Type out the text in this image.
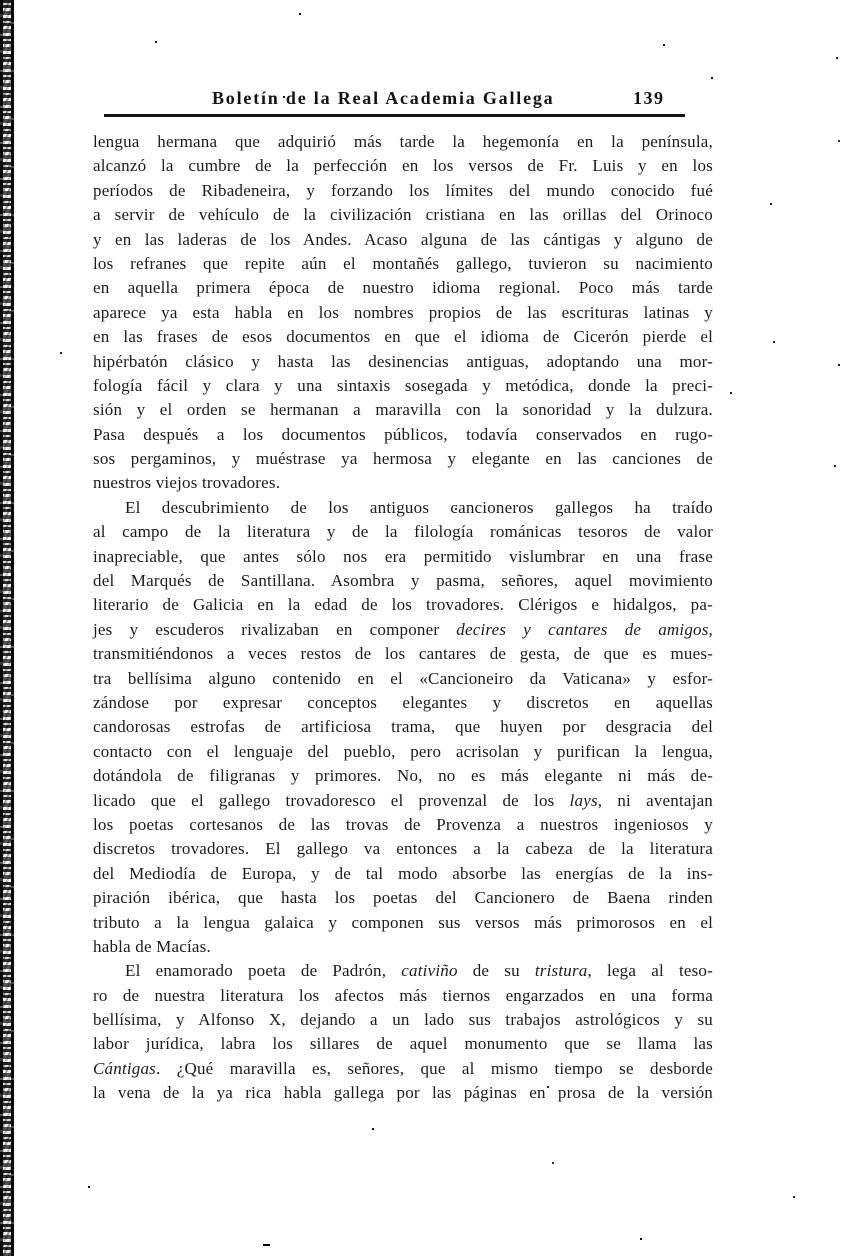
Boletín de la Real Academia Gallega	139
lengua hermana que adquirió más tarde la hegemonía en la península,
alcanzó la cumbre de la perfección en los versos de Fr. Luis y en los
períodos de Ribadeneira, y forzando los límites del mundo conocido fué
a servir de vehículo de la civilización cristiana en las orillas del Orinoco
y en las laderas de los Andes. Acaso alguna de las cántigas y alguno de
los refranes que repite aún el montañés gallego, tuvieron su nacimiento
en aquella primera época de nuestro idioma regional. Poco más tarde
aparece ya esta habla en los nombres propios de las escrituras latinas y
en las frases de esos documentos en que el idioma de Cicerón pierde el
hipérbatón clásico y hasta las desinencias antiguas, adoptando una mor-
fología fácil y clara y una sintaxis sosegada y metódica, donde la preci-
sión y el orden se hermanan a maravilla con la sonoridad y la dulzura.
Pasa después a los documentos públicos, todavía conservados en rugo-
sos pergaminos, y muéstrase ya hermosa y elegante en las canciones de
nuestros viejos trovadores.
El descubrimiento de los antiguos cancioneros gallegos ha traído
al campo de la literatura y de la filología románicas tesoros de valor
inapreciable, que antes sólo nos era permitido vislumbrar en una frase
del Marqués de Santillana. Asombra y pasma, señores, aquel movimiento
literario de Galicia en la edad de los trovadores. Clérigos e hidalgos, pa-
jes y escuderos rivalizaban en componer decires y cantares de amigos,
transmitiéndonos a veces restos de los cantares de gesta, de que es mues-
tra bellísima alguno contenido en el «Cancioneiro da Vaticana» y esfor-
zándose por expresar conceptos elegantes y discretos en aquellas
candorosas estrofas de artificiosa trama, que huyen por desgracia del
contacto con el lenguaje del pueblo, pero acrisolan y purifican la lengua,
dotándola de filigranas y primores. No, no es más elegante ni más de-
licado que el gallego trovadoresco el provenzal de los lays, ni aventajan
los poetas cortesanos de las trovas de Provenza a nuestros ingeniosos y
discretos trovadores. El gallego va entonces a la cabeza de la literatura
del Mediodía de Europa, y de tal modo absorbe las energías de la ins-
piración ibérica, que hasta los poetas del Cancionero de Baena rinden
tributo a la lengua galaica y componen sus versos más primorosos en el
habla de Macías.
El enamorado poeta de Padrón, cativiño de su tristura, lega al teso-
ro de nuestra literatura los afectos más tiernos engarzados en una forma
bellísima, y Alfonso X, dejando a un lado sus trabajos astrológicos y su
labor jurídica, labra los sillares de aquel monumento que se llama las
Cántigas. ¿Qué maravilla es, señores, que al mismo tiempo se desborde
la vena de la ya rica habla gallega por las páginas en prosa de la versión
